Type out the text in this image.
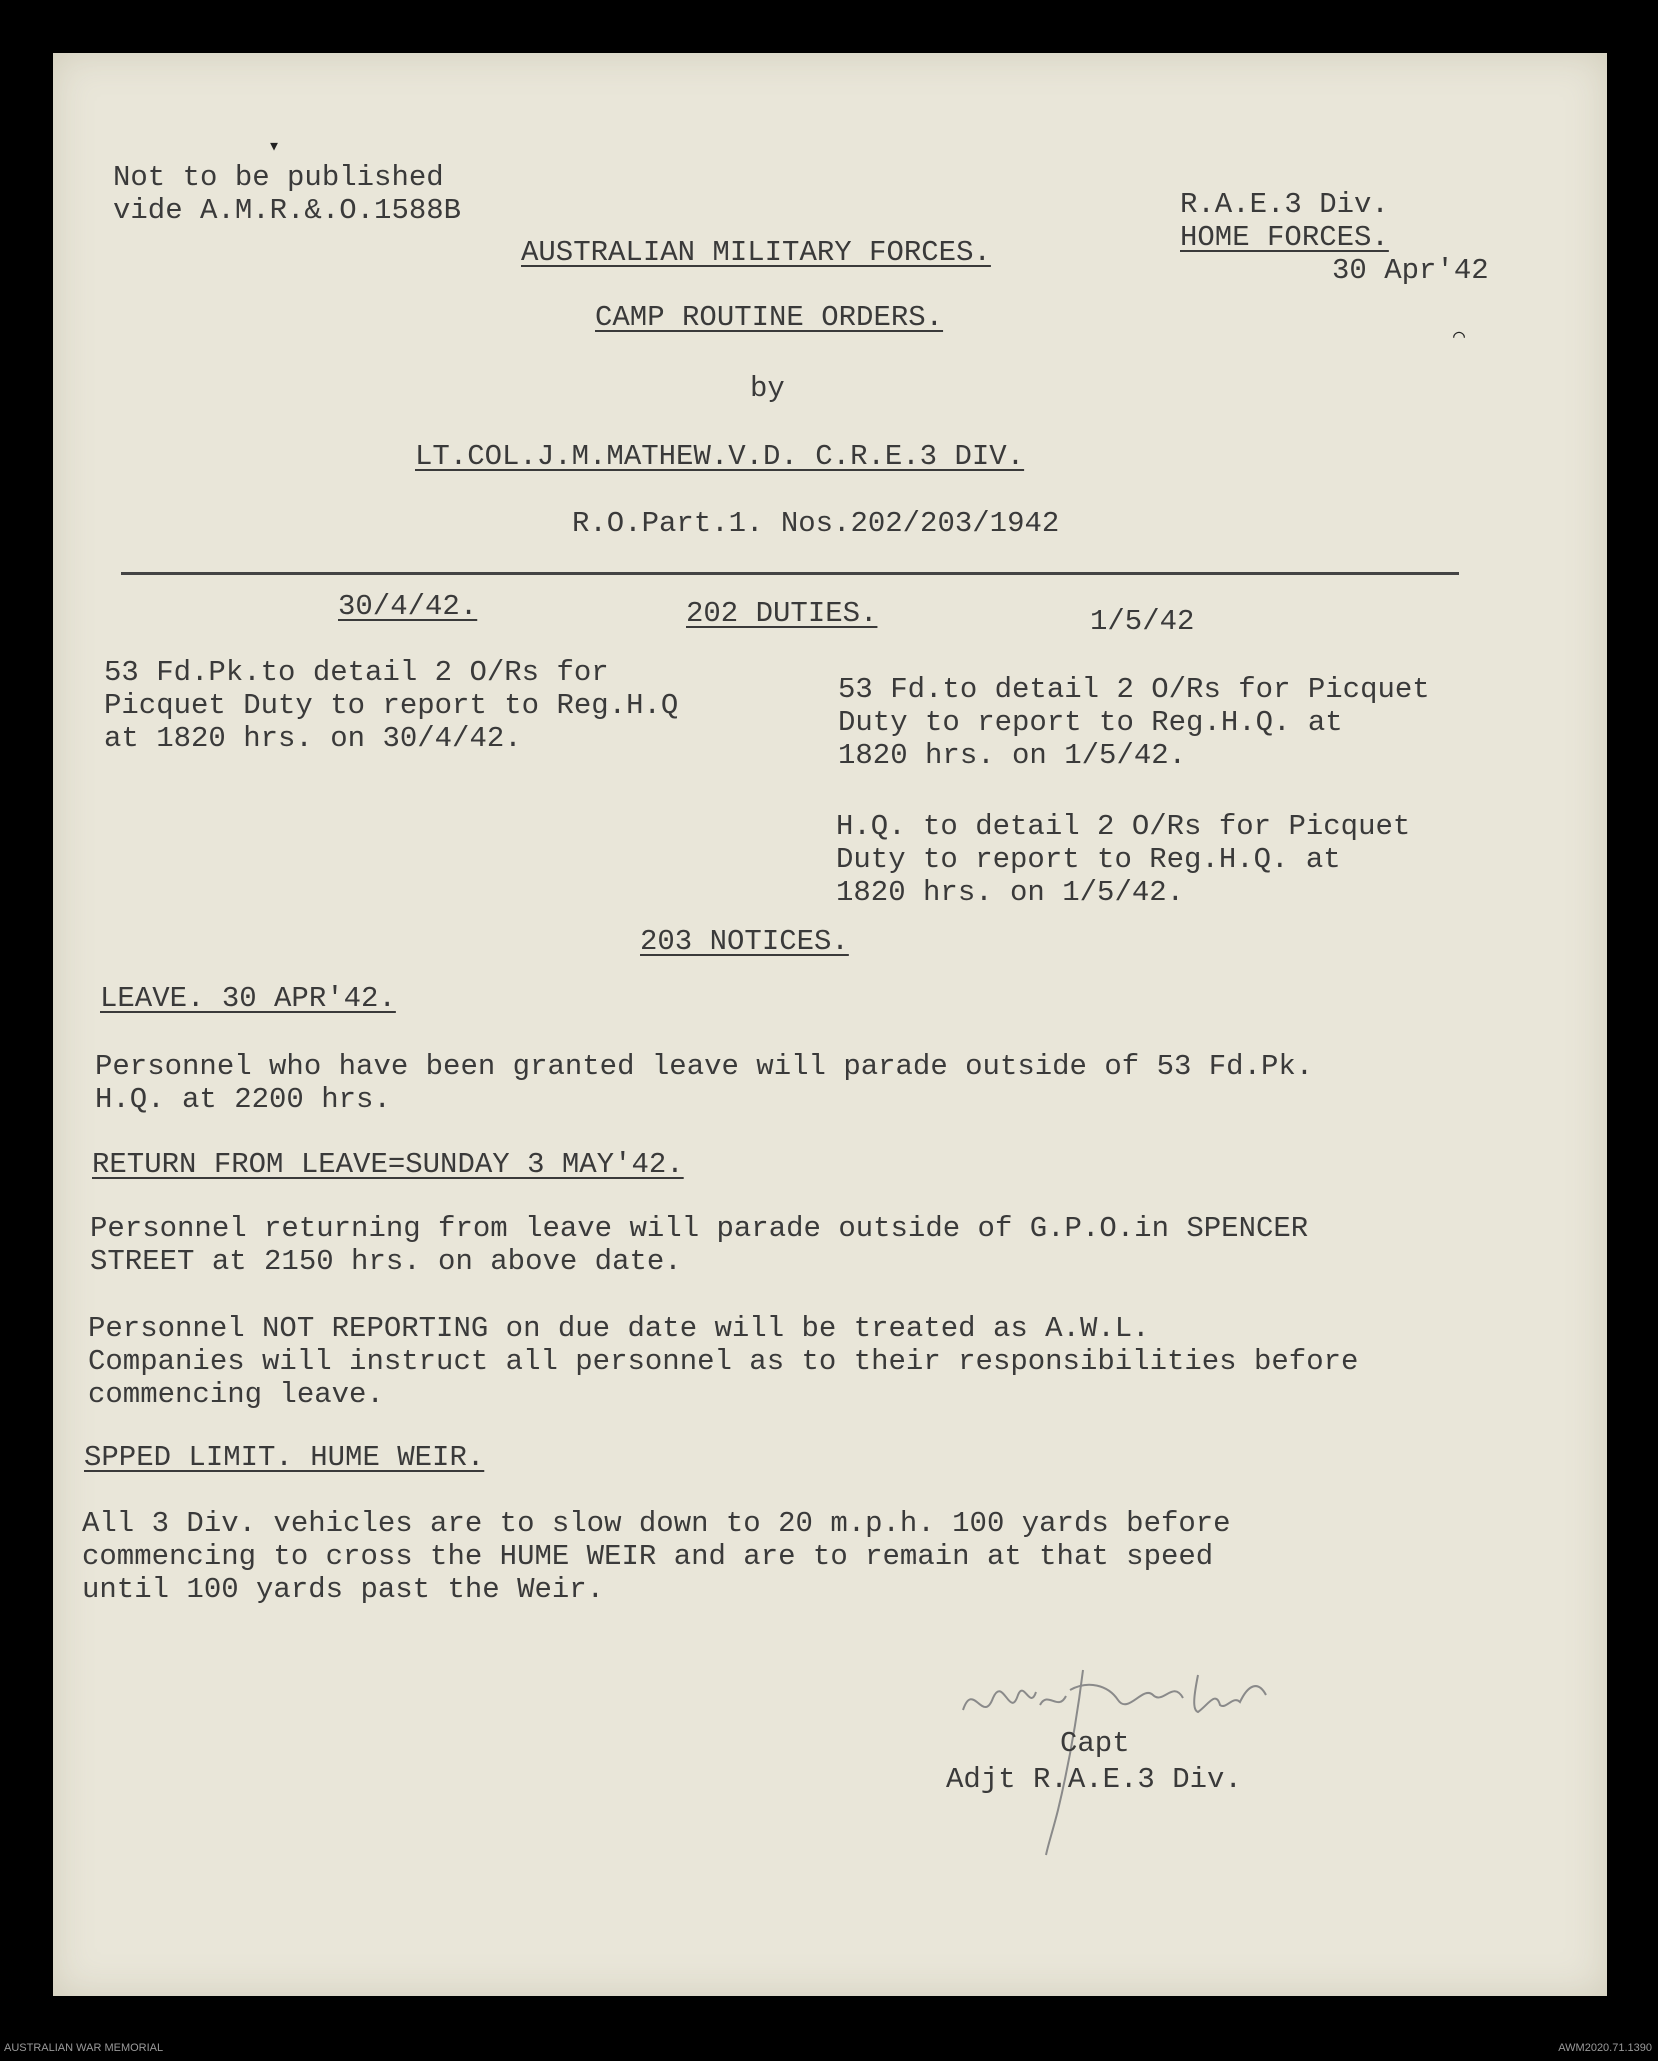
▾
⌒
Not to be published
vide A.M.R.&.O.1588B	R.A.E.3 Div.
HOME FORCES.
30 Apr'42
AUSTRALIAN MILITARY FORCES.
CAMP ROUTINE ORDERS.
by
LT.COL.J.M.MATHEW.V.D. C.R.E.3 DIV.
R.O.Part.1. Nos.202/203/1942
30/4/42.	202 DUTIES.	1/5/42
53 Fd.Pk.to detail 2 O/Rs for
Picquet Duty to report to Reg.H.Q
at 1820 hrs. on 30/4/42.
53 Fd.to detail 2 O/Rs for Picquet
Duty to report to Reg.H.Q. at
1820 hrs. on 1/5/42.
H.Q. to detail 2 O/Rs for Picquet
Duty to report to Reg.H.Q. at
1820 hrs. on 1/5/42.
203 NOTICES.
LEAVE. 30 APR'42.
Personnel who have been granted leave will parade outside of 53 Fd.Pk.
H.Q. at 2200 hrs.
RETURN FROM LEAVE=SUNDAY 3 MAY'42.
Personnel returning from leave will parade outside of G.P.O.in SPENCER
STREET at 2150 hrs. on above date.
Personnel NOT REPORTING on due date will be treated as A.W.L.
Companies will instruct all personnel as to their responsibilities before
commencing leave.
SPPED LIMIT. HUME WEIR.
All 3 Div. vehicles are to slow down to 20 m.p.h. 100 yards before
commencing to cross the HUME WEIR and are to remain at that speed
until 100 yards past the Weir.
Capt
Adjt R.A.E.3 Div.
AUSTRALIAN WAR MEMORIAL	AWM2020.71.1390
